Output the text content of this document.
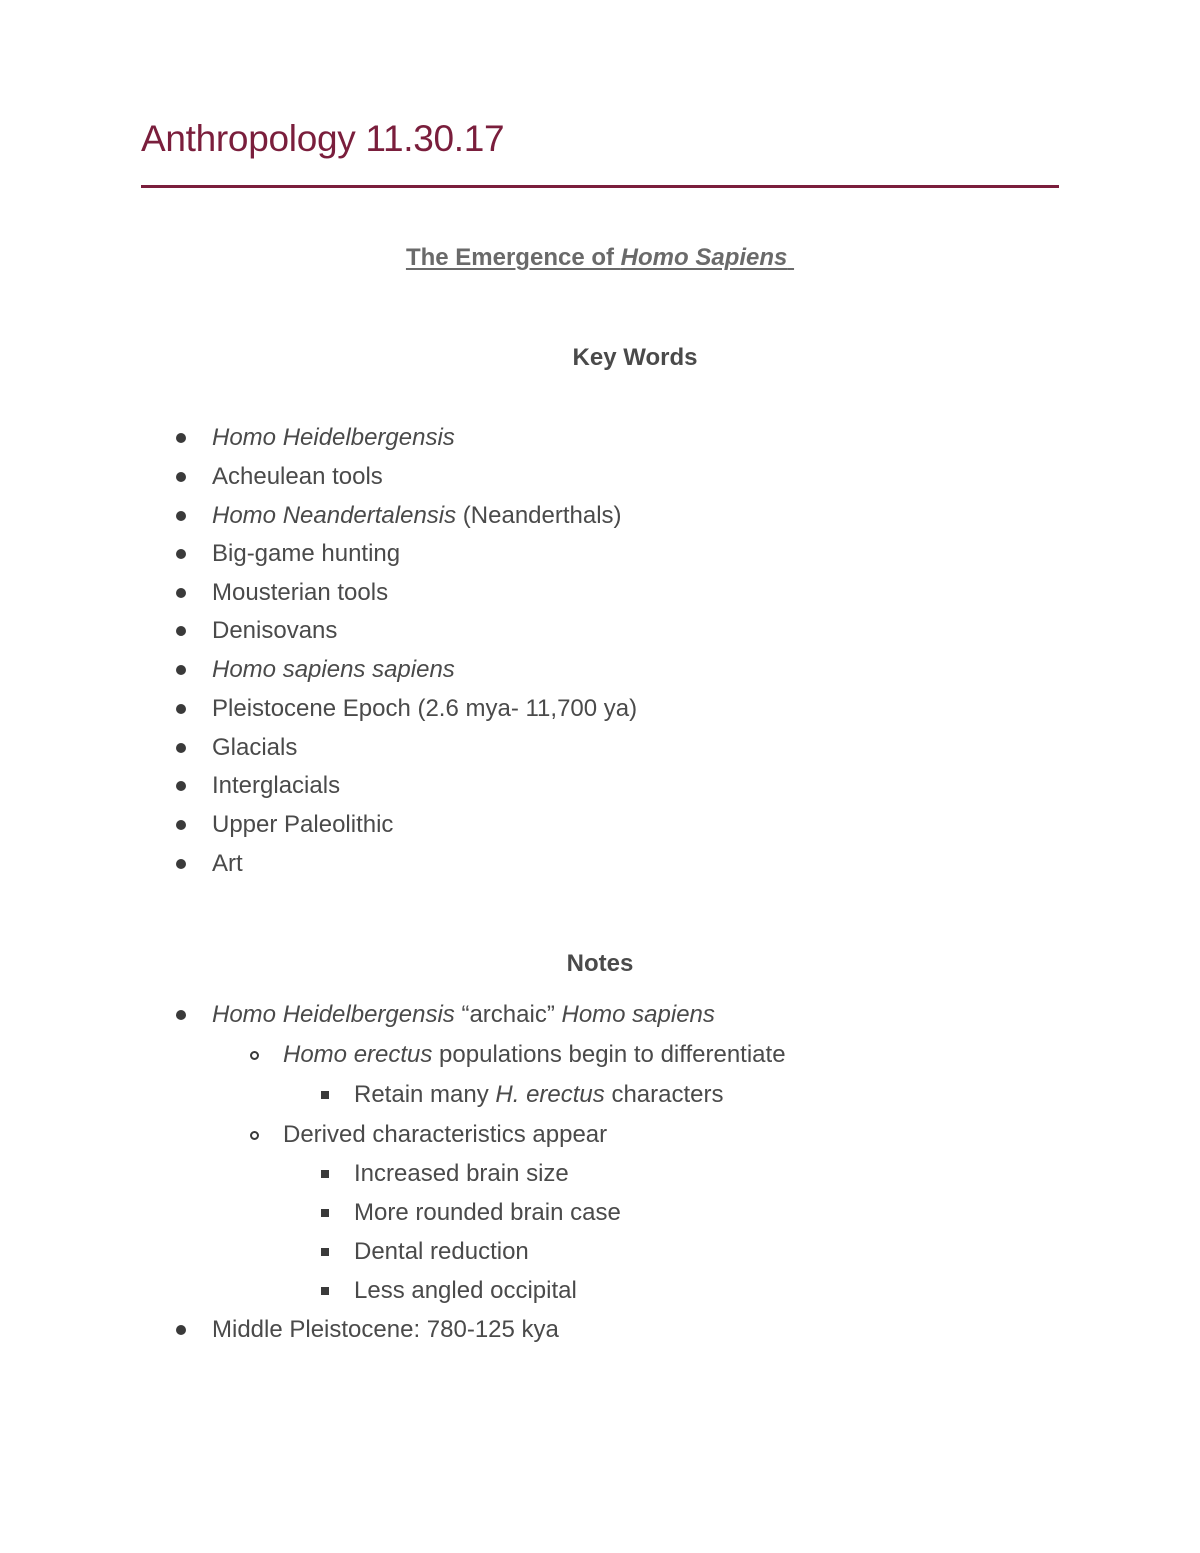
Anthropology 11.30.17
The Emergence of Homo Sapiens
Key Words
Homo Heidelbergensis
Acheulean tools
Homo Neandertalensis (Neanderthals)
Big-game hunting
Mousterian tools
Denisovans
Homo sapiens sapiens
Pleistocene Epoch (2.6 mya- 11,700 ya)
Glacials
Interglacials
Upper Paleolithic
Art
Notes
Homo Heidelbergensis “archaic” Homo sapiens
Homo erectus populations begin to differentiate
Retain many H. erectus characters
Derived characteristics appear
Increased brain size
More rounded brain case
Dental reduction
Less angled occipital
Middle Pleistocene: 780-125 kya
